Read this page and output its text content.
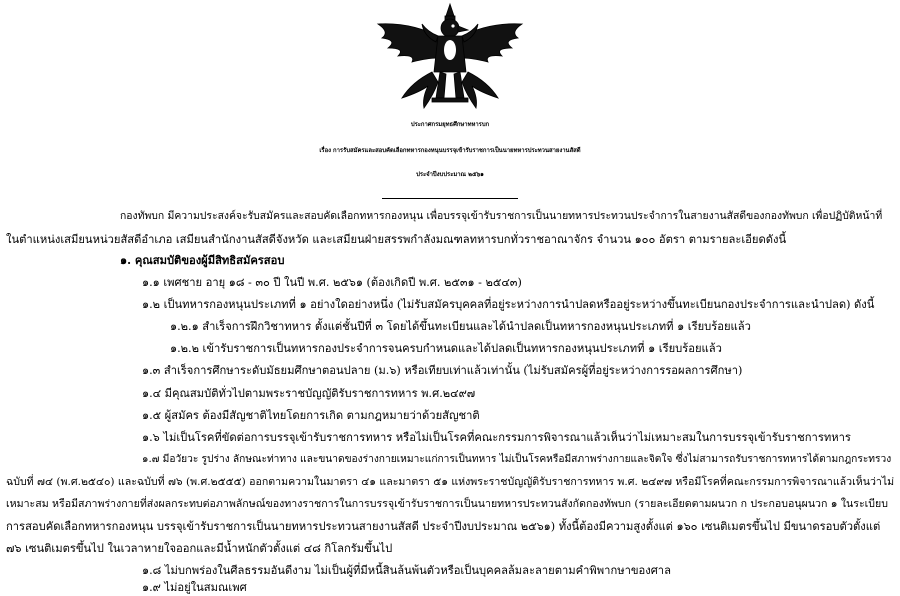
ประกาศกรมยุทธศึกษาทหารบก
เรื่อง การรับสมัครและสอบคัดเลือกทหารกองหนุนบรรจุเข้ารับราชการเป็นนายทหารประทวนสายงานสัสดี
ประจำปีงบประมาณ ๒๕๖๑
กองทัพบก มีความประสงค์จะรับสมัครและสอบคัดเลือกทหารกองหนุน เพื่อบรรจุเข้ารับราชการเป็นนายทหารประทวนประจำการในสายงานสัสดีของกองทัพบก เพื่อปฏิบัติหน้าที่
ในตำแหน่งเสมียนหน่วยสัสดีอำเภอ เสมียนสำนักงานสัสดีจังหวัด และเสมียนฝ่ายสรรพกำลังมณฑลทหารบกทั่วราชอาณาจักร จำนวน ๑๐๐ อัตรา ตามรายละเอียดดังนี้
๑. คุณสมบัติของผู้มีสิทธิสมัครสอบ
๑.๑ เพศชาย อายุ ๑๘ - ๓๐ ปี ในปี พ.ศ. ๒๕๖๑ (ต้องเกิดปี พ.ศ. ๒๕๓๑ - ๒๕๔๓)
๑.๒ เป็นทหารกองหนุนประเภทที่ ๑ อย่างใดอย่างหนึ่ง (ไม่รับสมัครบุคคลที่อยู่ระหว่างการนำปลดหรืออยู่ระหว่างขึ้นทะเบียนกองประจำการและนำปลด) ดังนี้
๑.๒.๑ สำเร็จการฝึกวิชาทหาร ตั้งแต่ชั้นปีที่ ๓ โดยได้ขึ้นทะเบียนและได้นำปลดเป็นทหารกองหนุนประเภทที่ ๑ เรียบร้อยแล้ว
๑.๒.๒ เข้ารับราชการเป็นทหารกองประจำการจนครบกำหนดและได้ปลดเป็นทหารกองหนุนประเภทที่ ๑ เรียบร้อยแล้ว
๑.๓ สำเร็จการศึกษาระดับมัธยมศึกษาตอนปลาย (ม.๖) หรือเทียบเท่าแล้วเท่านั้น (ไม่รับสมัครผู้ที่อยู่ระหว่างการรอผลการศึกษา)
๑.๔ มีคุณสมบัติทั่วไปตามพระราชบัญญัติรับราชการทหาร พ.ศ.๒๔๙๗
๑.๕ ผู้สมัคร ต้องมีสัญชาติไทยโดยการเกิด ตามกฎหมายว่าด้วยสัญชาติ
๑.๖ ไม่เป็นโรคที่ขัดต่อการบรรจุเข้ารับราชการทหาร หรือไม่เป็นโรคที่คณะกรรมการพิจารณาแล้วเห็นว่าไม่เหมาะสมในการบรรจุเข้ารับราชการทหาร
๑.๗ มีอวัยวะ รูปร่าง ลักษณะท่าทาง และขนาดของร่างกายเหมาะแก่การเป็นทหาร ไม่เป็นโรคหรือมีสภาพร่างกายและจิตใจ ซึ่งไม่สามารถรับราชการทหารได้ตามกฎกระทรวง
ฉบับที่ ๗๔ (พ.ศ.๒๕๔๐) และฉบับที่ ๗๖ (พ.ศ.๒๕๕๕) ออกตามความในมาตรา ๔๑ และมาตรา ๕๑ แห่งพระราชบัญญัติรับราชการทหาร พ.ศ. ๒๔๙๗ หรือมีโรคที่คณะกรรมการพิจารณาแล้วเห็นว่าไม่
เหมาะสม หรือมีสภาพร่างกายที่ส่งผลกระทบต่อภาพลักษณ์ของทางราชการในการบรรจุเข้ารับราชการเป็นนายทหารประทวนสังกัดกองทัพบก (รายละเอียดตามผนวก ก ประกอบอนุผนวก ๑ ในระเบียบ
การสอบคัดเลือกทหารกองหนุน บรรจุเข้ารับราชการเป็นนายทหารประทวนสายงานสัสดี ประจำปีงบประมาณ ๒๕๖๑) ทั้งนี้ต้องมีความสูงตั้งแต่ ๑๖๐ เซนติเมตรขึ้นไป มีขนาดรอบตัวตั้งแต่
๗๖ เซนติเมตรขึ้นไป ในเวลาหายใจออกและมีน้ำหนักตัวตั้งแต่ ๔๘ กิโลกรัมขึ้นไป
๑.๘ ไม่บกพร่องในศีลธรรมอันดีงาม ไม่เป็นผู้ที่มีหนี้สินล้นพ้นตัวหรือเป็นบุคคลล้มละลายตามคำพิพากษาของศาล
๑.๙ ไม่อยู่ในสมณเพศ
